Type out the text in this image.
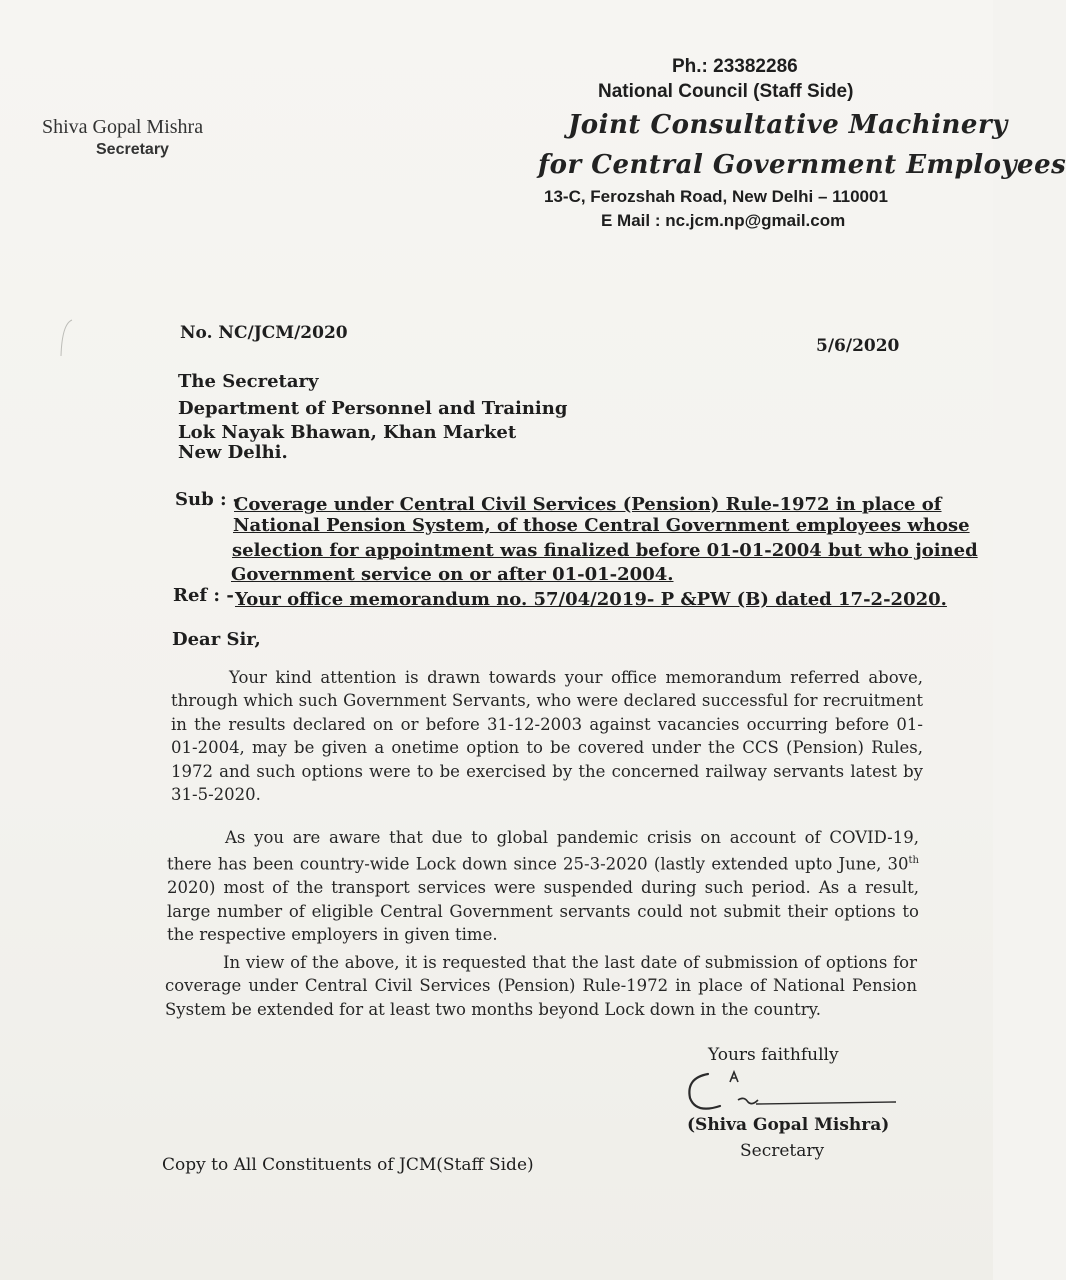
Shiva Gopal Mishra
Secretary
Ph.: 23382286
National Council (Staff Side)
Joint Consultative Machinery
for Central Government Employees
13-C, Ferozshah Road, New Delhi – 110001
E Mail : nc.jcm.np@gmail.com
No. NC/JCM/2020
5/6/2020
The Secretary
Department of Personnel and Training
Lok Nayak Bhawan, Khan Market
New Delhi.
Sub : -
Coverage under Central Civil Services (Pension) Rule-1972 in place of
National Pension System, of those Central Government employees whose
selection for appointment was finalized before 01-01-2004 but who joined
Government service on or after 01-01-2004.
Ref : - Your office memorandum no. 57/04/2019- P &PW (B) dated 17-2-2020.
Dear Sir,
Your kind attention is drawn towards your office memorandum referred above, through which such Government Servants, who were declared successful for recruitment in the results declared on or before 31-12-2003 against vacancies occurring before 01-01-2004, may be given a onetime option to be covered under the CCS (Pension) Rules, 1972 and such options were to be exercised by the concerned railway servants latest by 31-5-2020.
As you are aware that due to global pandemic crisis on account of COVID-19, there has been country-wide Lock down since 25-3-2020 (lastly extended upto June, 30th 2020) most of the transport services were suspended during such period. As a result, large number of eligible Central Government servants could not submit their options to the respective employers in given time.
In view of the above, it is requested that the last date of submission of options for coverage under Central Civil Services (Pension) Rule-1972 in place of National Pension System be extended for at least two months beyond Lock down in the country.
Yours faithfully
(Shiva Gopal Mishra)
Secretary
Copy to All Constituents of JCM(Staff Side)
